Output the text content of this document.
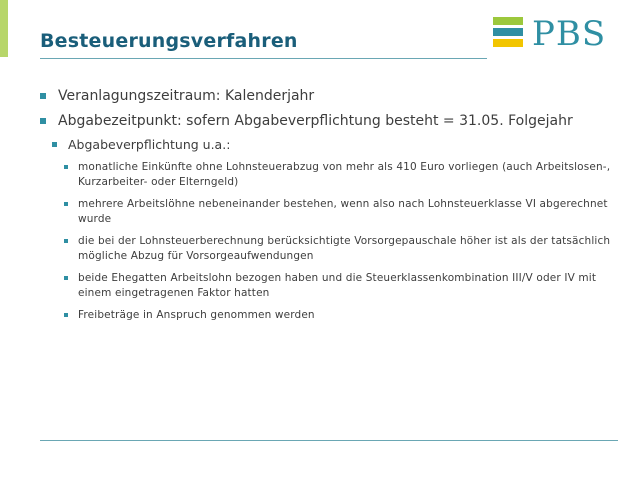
Besteuerungsverfahren	PBS
Veranlagungszeitraum: Kalenderjahr
Abgabezeitpunkt: sofern Abgabeverpflichtung besteht = 31.05. Folgejahr
Abgabeverpflichtung u.a.:
monatliche Einkünfte ohne Lohnsteuerabzug von mehr als 410 Euro vorliegen (auch Arbeitslosen-, Kurzarbeiter- oder Elterngeld)
mehrere Arbeitslöhne nebeneinander bestehen, wenn also nach Lohnsteuerklasse VI abgerechnet wurde
die bei der Lohnsteuerberechnung berücksichtigte Vorsorgepauschale höher ist als der tatsächlich mögliche Abzug für Vorsorgeaufwendungen
beide Ehegatten Arbeitslohn bezogen haben und die Steuerklassenkombination III/V oder IV mit einem eingetragenen Faktor hatten
Freibeträge in Anspruch genommen werden
